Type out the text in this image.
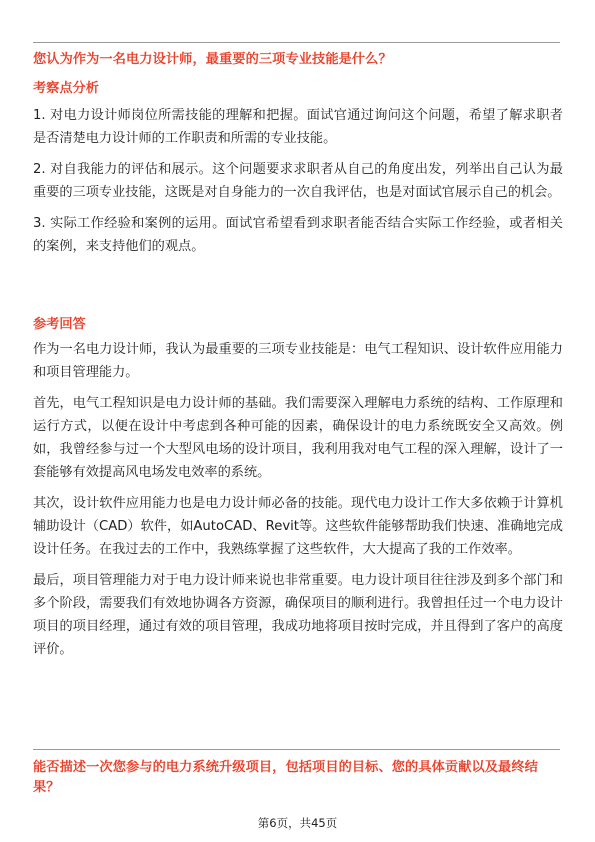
您认为作为一名电力设计师，最重要的三项专业技能是什么？
考察点分析

1. 对电力设计师岗位所需技能的理解和把握。面试官通过询问这个问题，希望了解求职者是否清楚电力设计师的工作职责和所需的专业技能。

2. 对自我能力的评估和展示。这个问题要求求职者从自己的角度出发，列举出自己认为最重要的三项专业技能，这既是对自身能力的一次自我评估，也是对面试官展示自己的机会。

3. 实际工作经验和案例的运用。面试官希望看到求职者能否结合实际工作经验，或者相关的案例，来支持他们的观点。

参考回答

作为一名电力设计师，我认为最重要的三项专业技能是：电气工程知识、设计软件应用能力和项目管理能力。

首先，电气工程知识是电力设计师的基础。我们需要深入理解电力系统的结构、工作原理和运行方式，以便在设计中考虑到各种可能的因素，确保设计的电力系统既安全又高效。例如，我曾经参与过一个大型风电场的设计项目，我利用我对电气工程的深入理解，设计了一套能够有效提高风电场发电效率的系统。

其次，设计软件应用能力也是电力设计师必备的技能。现代电力设计工作大多依赖于计算机辅助设计（CAD）软件，如AutoCAD、Revit等。这些软件能够帮助我们快速、准确地完成设计任务。在我过去的工作中，我熟练掌握了这些软件，大大提高了我的工作效率。

最后，项目管理能力对于电力设计师来说也非常重要。电力设计项目往往涉及到多个部门和多个阶段，需要我们有效地协调各方资源，确保项目的顺利进行。我曾担任过一个电力设计项目的项目经理，通过有效的项目管理，我成功地将项目按时完成，并且得到了客户的高度评价。

能否描述一次您参与的电力系统升级项目，包括项目的目标、您的具体贡献以及最终结果？
第6页，共45页
